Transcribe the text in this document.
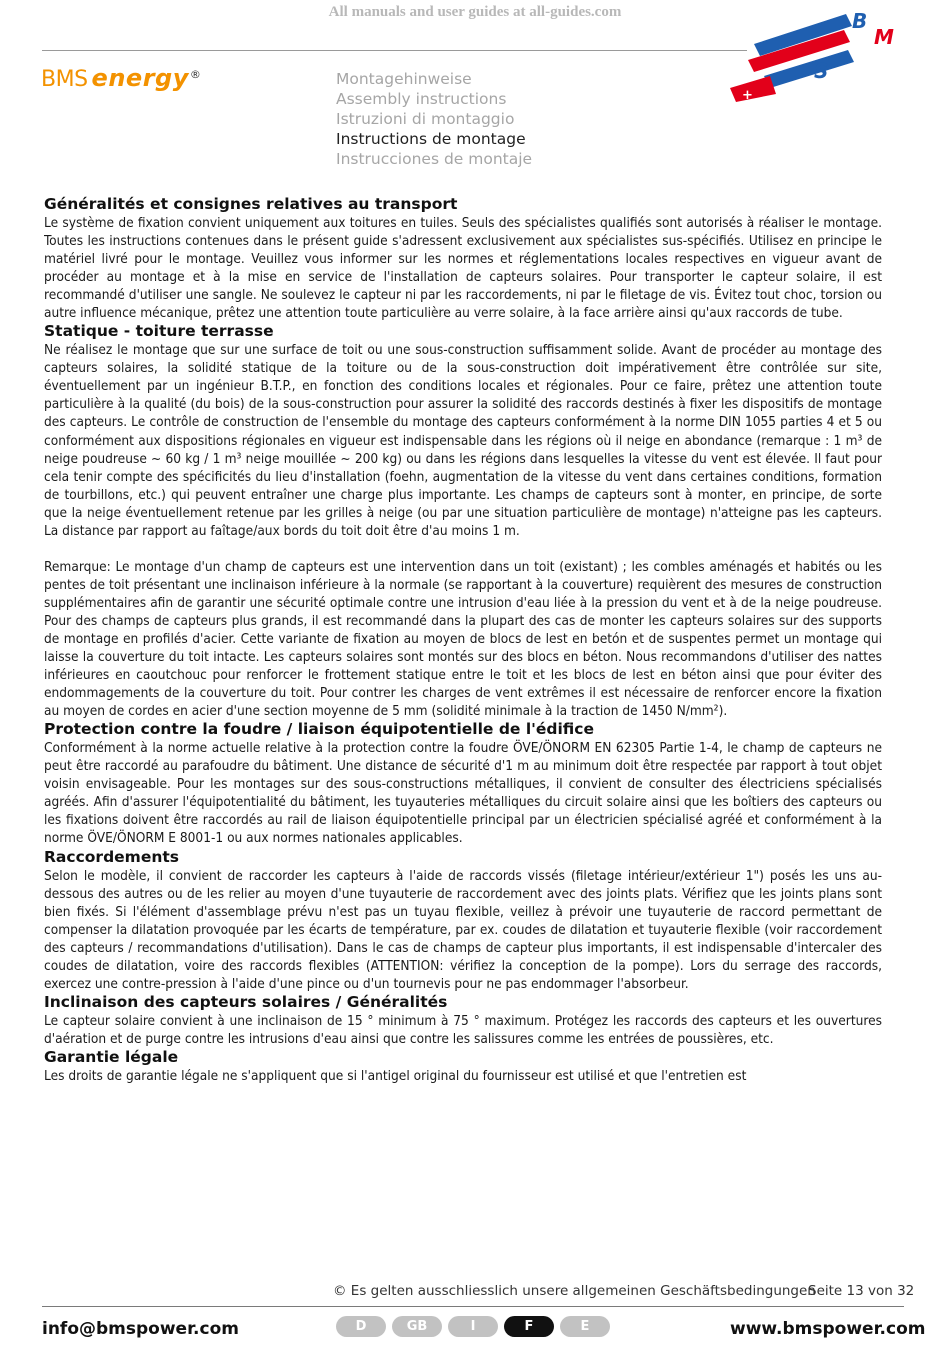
All manuals and user guides at all-guides.com
BMS energy®	Montagehinweise
Assembly instructions
Istruzioni di montaggio
Instructions de montage
Instrucciones de montaje
B
M
S
+
Généralités et consignes relatives au transport

Le système de fixation convient uniquement aux toitures en tuiles. Seuls des spécialistes qualifiés sont autorisés à réaliser le montage. Toutes les instructions contenues dans le présent guide s'adressent exclusivement aux spécialistes sus-spécifiés. Utilisez en principe le matériel livré pour le montage. Veuillez vous informer sur les normes et réglementations locales respectives en vigueur avant de procéder au montage et à la mise en service de l'installation de capteurs solaires. Pour transporter le capteur solaire, il est recommandé d'utiliser une sangle. Ne soulevez le capteur ni par les raccordements, ni par le filetage de vis. Évitez tout choc, torsion ou autre influence mécanique, prêtez une attention toute particulière au verre solaire, à la face arrière ainsi qu'aux raccords de tube.

Statique - toiture terrasse

Ne réalisez le montage que sur une surface de toit ou une sous-construction suffisamment solide. Avant de procéder au montage des capteurs solaires, la solidité statique de la toiture ou de la sous-construction doit impérativement être contrôlée sur site, éventuellement par un ingénieur B.T.P., en fonction des conditions locales et régionales. Pour ce faire, prêtez une attention toute particulière à la qualité (du bois) de la sous-construction pour assurer la solidité des raccords destinés à fixer les dispositifs de montage des capteurs. Le contrôle de construction de l'ensemble du montage des capteurs conformément à la norme DIN 1055 parties 4 et 5 ou conformément aux dispositions régionales en vigueur est indispensable dans les régions où il neige en abondance (remarque : 1 m³ de neige poudreuse ~ 60 kg / 1 m³ neige mouillée ~ 200 kg) ou dans les régions dans lesquelles la vitesse du vent est élevée. Il faut pour cela tenir compte des spécificités du lieu d'installation (foehn, augmentation de la vitesse du vent dans certaines conditions, formation de tourbillons, etc.) qui peuvent entraîner une charge plus importante. Les champs de capteurs sont à monter, en principe, de sorte que la neige éventuellement retenue par les grilles à neige (ou par une situation particulière de montage) n'atteigne pas les capteurs. La distance par rapport au faîtage/aux bords du toit doit être d'au moins 1 m.

Remarque: Le montage d'un champ de capteurs est une intervention dans un toit (existant) ; les combles aménagés et habités ou les pentes de toit présentant une inclinaison inférieure à la normale (se rapportant à la couverture) requièrent des mesures de construction supplémentaires afin de garantir une sécurité optimale contre une intrusion d'eau liée à la pression du vent et à de la neige poudreuse. Pour des champs de capteurs plus grands, il est recommandé dans la plupart des cas de monter les capteurs solaires sur des supports de montage en profilés d'acier. Cette variante de fixation au moyen de blocs de lest en betón et de suspentes permet un montage qui laisse la couverture du toit intacte. Les capteurs solaires sont montés sur des blocs en béton. Nous recommandons d'utiliser des nattes inférieures en caoutchouc pour renforcer le frottement statique entre le toit et les blocs de lest en béton ainsi que pour éviter des endommagements de la couverture du toit. Pour contrer les charges de vent extrêmes il est nécessaire de renforcer encore la fixation au moyen de cordes en acier d'une section moyenne de 5 mm (solidité minimale à la traction de 1450 N/mm²).

Protection contre la foudre / liaison équipotentielle de l'édifice

Conformément à la norme actuelle relative à la protection contre la foudre ÖVE/ÖNORM EN 62305 Partie 1-4, le champ de capteurs ne peut être raccordé au parafoudre du bâtiment. Une distance de sécurité d'1 m au minimum doit être respectée par rapport à tout objet voisin envisageable. Pour les montages sur des sous-constructions métalliques, il convient de consulter des électriciens spécialisés agréés. Afin d'assurer l'équipotentialité du bâtiment, les tuyauteries métalliques du circuit solaire ainsi que les boîtiers des capteurs ou les fixations doivent être raccordés au rail de liaison équipotentielle principal par un électricien spécialisé agréé et conformément à la norme ÖVE/ÖNORM E 8001-1 ou aux normes nationales applicables.

Raccordements

Selon le modèle, il convient de raccorder les capteurs à l'aide de raccords vissés (filetage intérieur/extérieur 1") posés les uns au-dessous des autres ou de les relier au moyen d'une tuyauterie de raccordement avec des joints plats. Vérifiez que les joints plans sont bien fixés. Si l'élément d'assemblage prévu n'est pas un tuyau flexible, veillez à prévoir une tuyauterie de raccord permettant de compenser la dilatation provoquée par les écarts de température, par ex. coudes de dilatation et tuyauterie flexible (voir raccordement des capteurs / recommandations d'utilisation). Dans le cas de champs de capteur plus importants, il est indispensable d'intercaler des coudes de dilatation, voire des raccords flexibles (ATTENTION: vérifiez la conception de la pompe). Lors du serrage des raccords, exercez une contre-pression à l'aide d'une pince ou d'un tournevis pour ne pas endommager l'absorbeur.

Inclinaison des capteurs solaires / Généralités

Le capteur solaire convient à une inclinaison de 15 ° minimum à 75 ° maximum. Protégez les raccords des capteurs et les ouvertures d'aération et de purge contre les intrusions d'eau ainsi que contre les salissures comme les entrées de poussières, etc.

Garantie légale

Les droits de garantie légale ne s'appliquent que si l'antigel original du fournisseur est utilisé et que l'entretien est

© Es gelten ausschliesslich unsere allgemeinen Geschäftsbedingungen
Seite 13 von 32
info@bmspower.com	D	GB	I	F	E	www.bmspower.com
